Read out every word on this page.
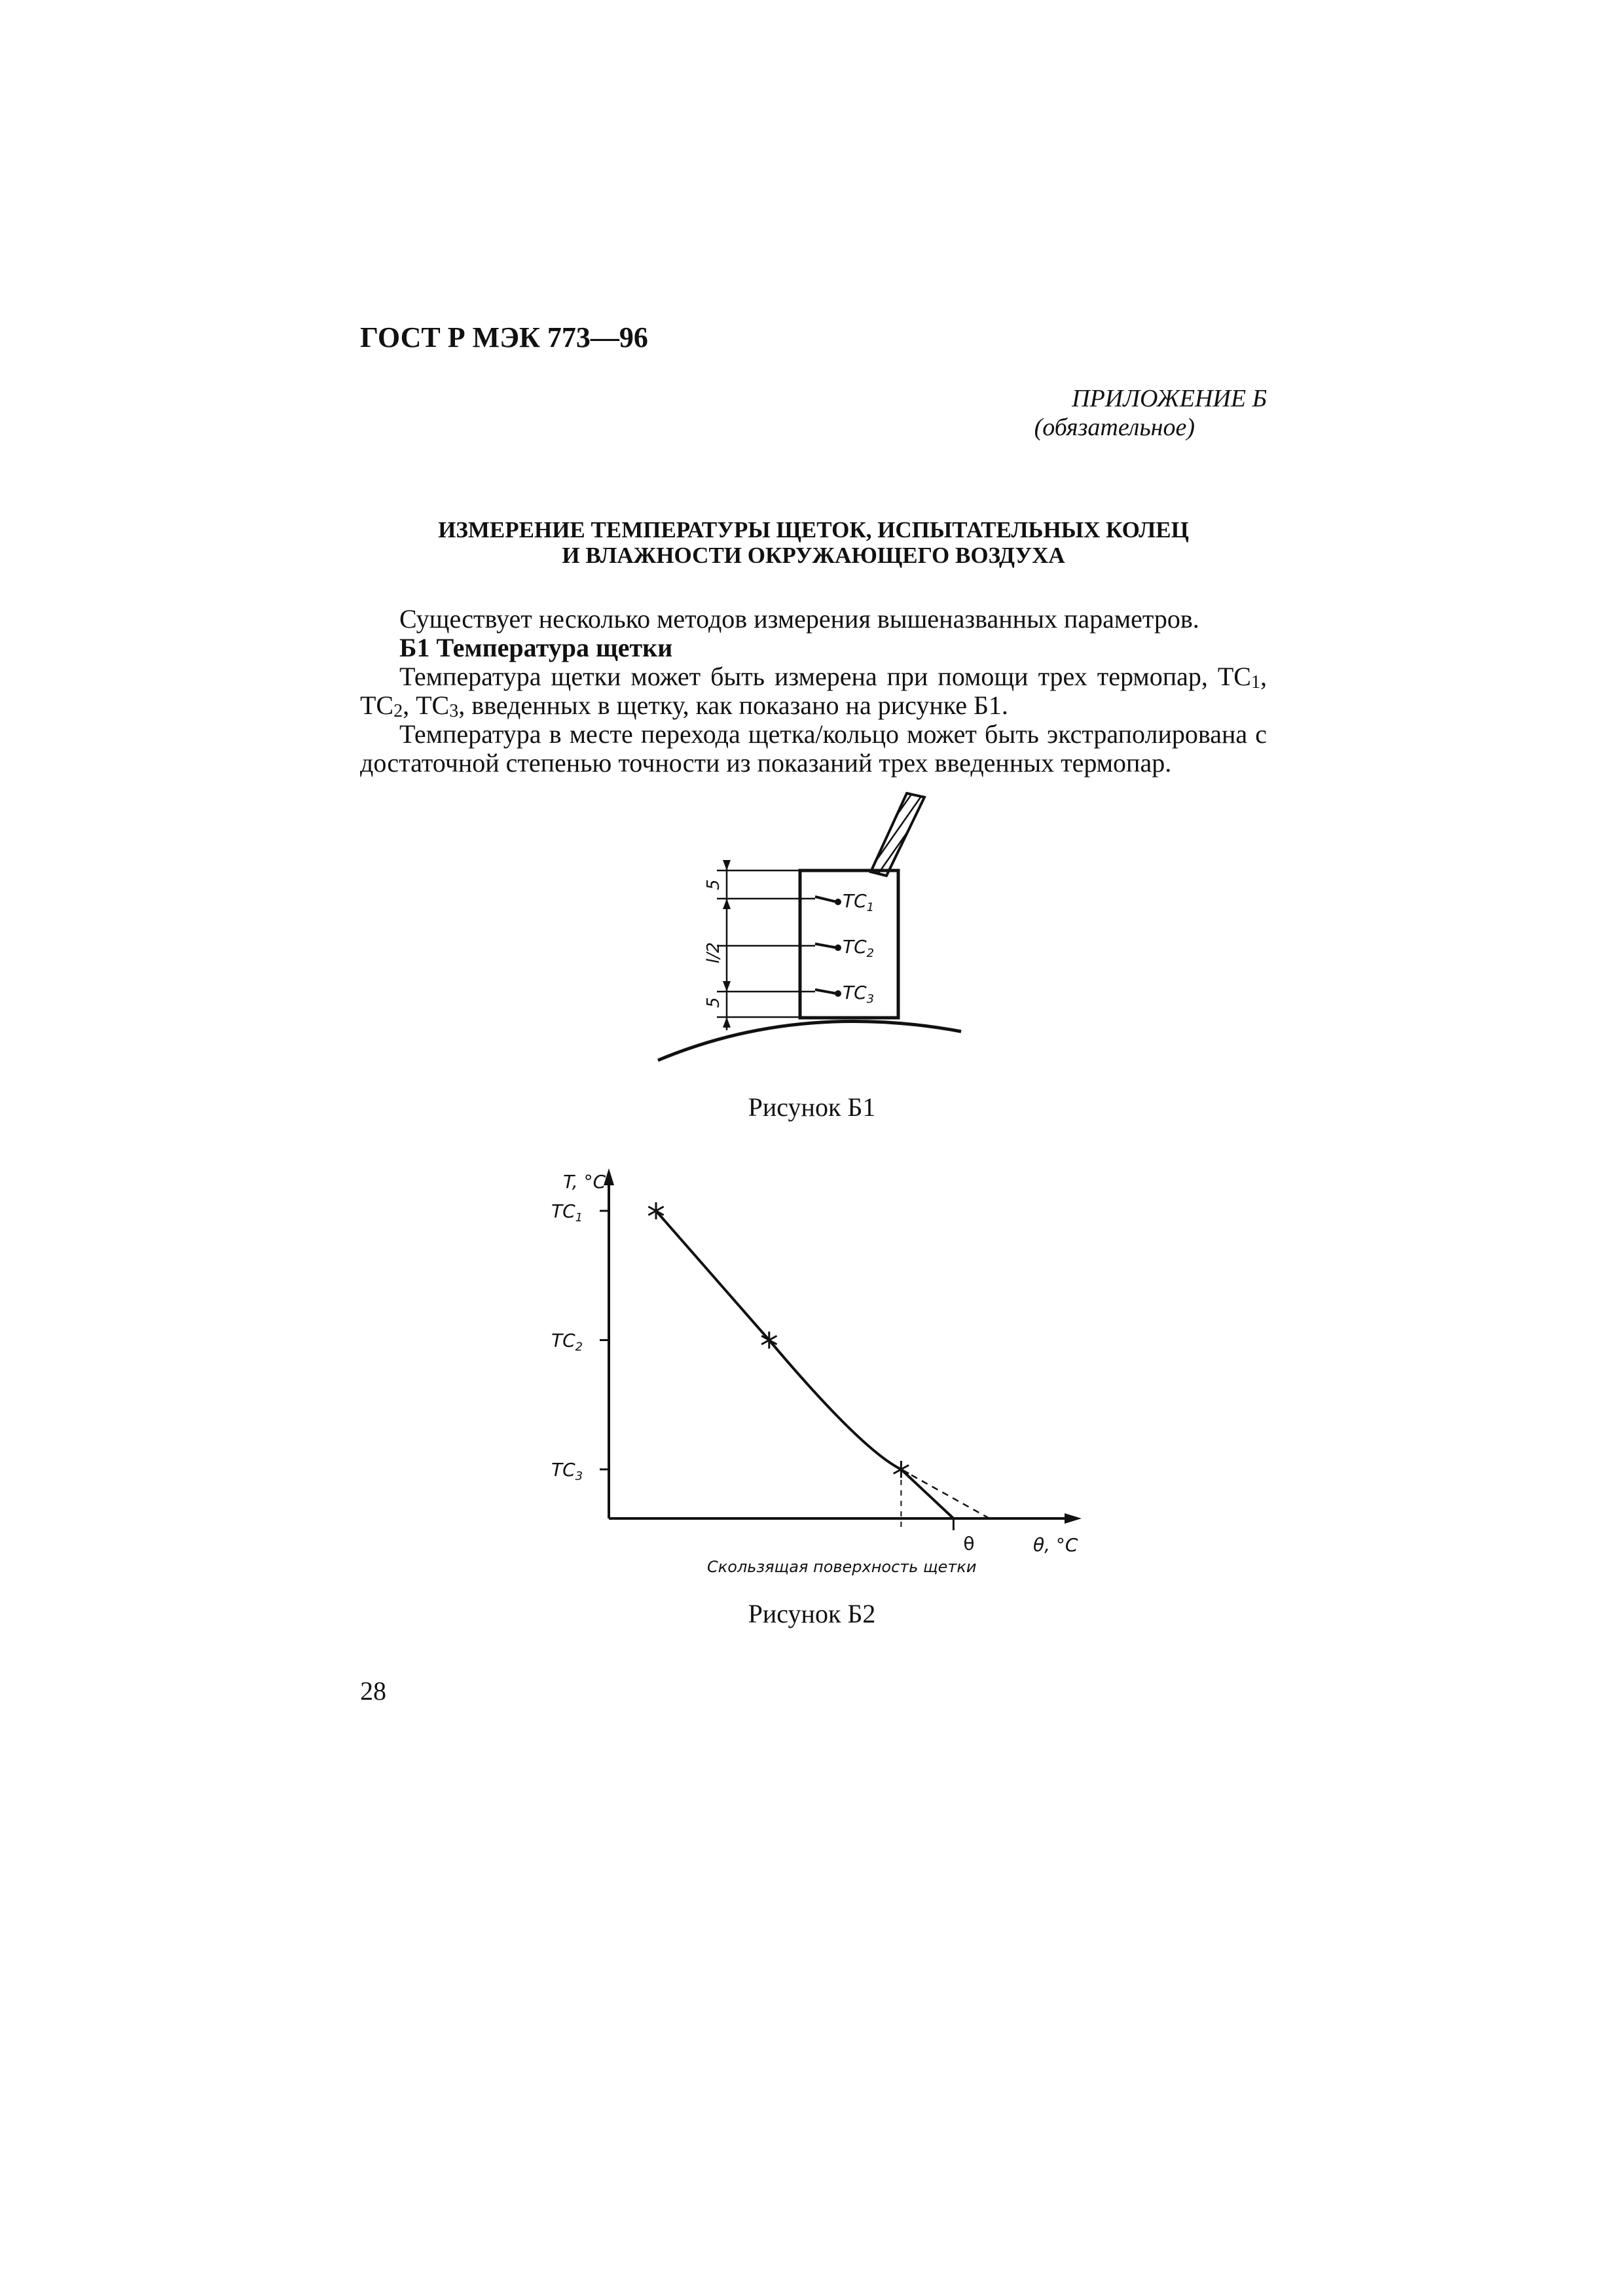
ГОСТ Р МЭК 773—96
ПРИЛОЖЕНИЕ Б
(обязательное)
ИЗМЕРЕНИЕ ТЕМПЕРАТУРЫ ЩЕТОК, ИСПЫТАТЕЛЬНЫХ КОЛЕЦ
И ВЛАЖНОСТИ ОКРУЖАЮЩЕГО ВОЗДУХА

Существует несколько методов измерения вышеназванных параметров.

Б1 Температура щетки

Температура щетки может быть измерена при помощи трех термопар, $ТС_1$, $ТС_2$, $ТС_3$, введенных в щетку, как показано на рисунке Б1.

Температура в месте перехода щетка/кольцо может быть экстраполирована с достаточной степенью точности из показаний трех введенных термопар.

5
l/2
5
$TC_1$
$TC_2$
$TC_3$
Рисунок Б1
T, °C
θ, °C
Скользящая поверхность щетки
$TC_1$
$TC_2$
$TC_3$
θ
Рисунок Б2
28
